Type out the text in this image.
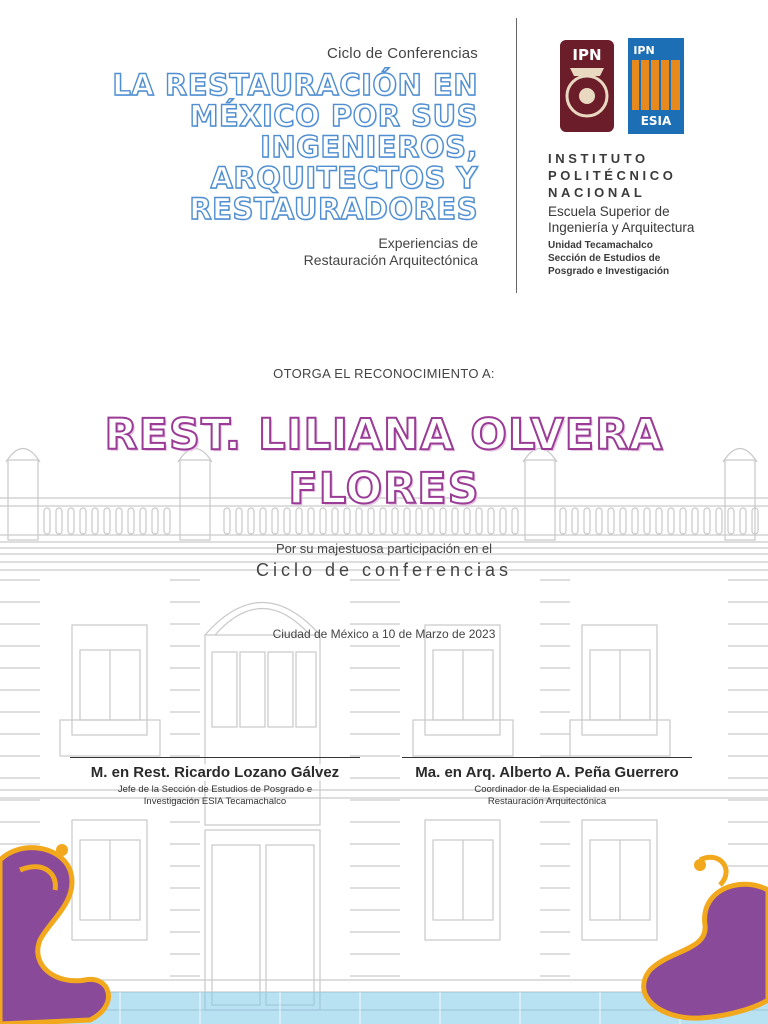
Ciclo de Conferencias
LA RESTAURACIÓN EN
MÉXICO POR SUS INGENIEROS,
ARQUITECTOS Y
RESTAURADORES
Experiencias de
Restauración Arquitectónica
IPN	IPN
ESIA
INSTITUTO
POLITÉCNICO
NACIONAL
Escuela Superior de
Ingeniería y Arquitectura
Unidad Tecamachalco
Sección de Estudios de
Posgrado e Investigación
OTORGA EL RECONOCIMIENTO A:
REST. LILIANA OLVERA
FLORES
Por su majestuosa participación en el
Ciclo de conferencias
Ciudad de México a 10 de Marzo de 2023
M. en Rest. Ricardo Lozano Gálvez
Jefe de la Sección de Estudios de Posgrado e
Investigación ESIA Tecamachalco
Ma. en Arq. Alberto A. Peña Guerrero
Coordinador de la Especialidad en
Restauración Arquitectónica
